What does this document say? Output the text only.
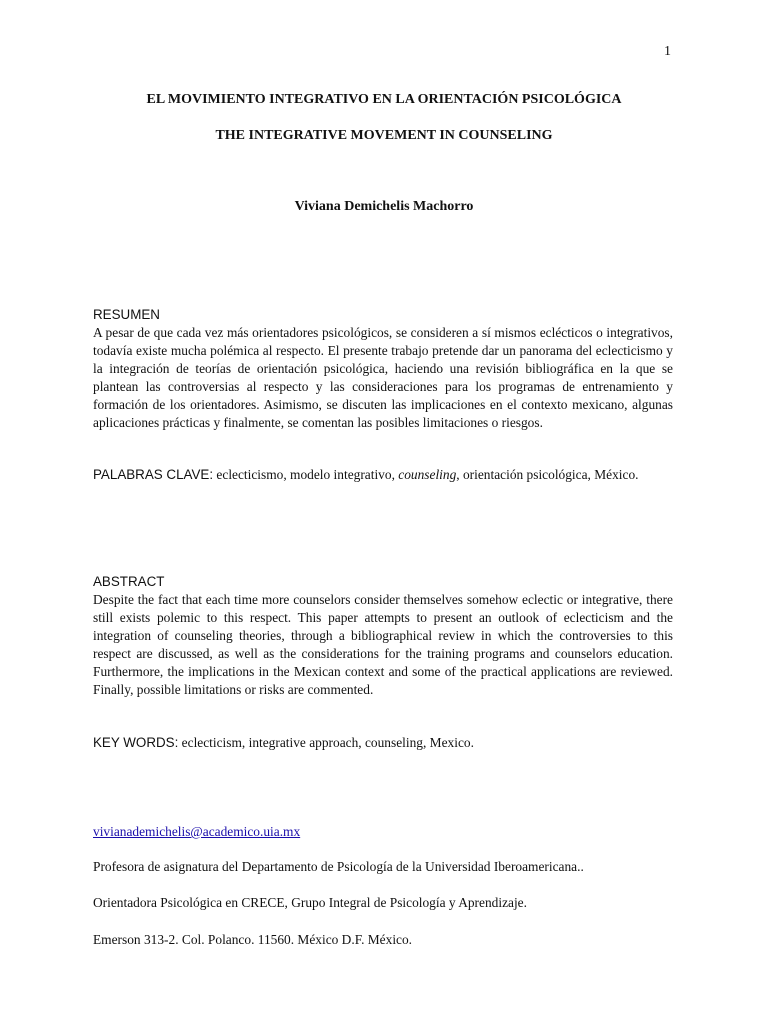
1
EL MOVIMIENTO INTEGRATIVO EN LA ORIENTACIÓN PSICOLÓGICA
THE INTEGRATIVE MOVEMENT IN COUNSELING
Viviana Demichelis Machorro
RESUMEN

A pesar de que cada vez más orientadores psicológicos, se consideren a sí mismos eclécticos o integrativos, todavía existe mucha polémica al respecto. El presente trabajo pretende dar un panorama del eclecticismo y la integración de teorías de orientación psicológica, haciendo una revisión bibliográfica en la que se plantean las controversias al respecto y las consideraciones para los programas de entrenamiento y formación de los orientadores. Asimismo, se discuten las implicaciones en el contexto mexicano, algunas aplicaciones prácticas y finalmente, se comentan las posibles limitaciones o riesgos.

PALABRAS CLAVE: eclecticismo, modelo integrativo, counseling, orientación psicológica, México.

ABSTRACT

Despite the fact that each time more counselors consider themselves somehow eclectic or integrative, there still exists polemic to this respect. This paper attempts to present an outlook of eclecticism and the integration of counseling theories, through a bibliographical review in which the controversies to this respect are discussed, as well as the considerations for the training programs and counselors education. Furthermore, the implications in the Mexican context and some of the practical applications are reviewed. Finally, possible limitations or risks are commented.

KEY WORDS: eclecticism, integrative approach, counseling, Mexico.

vivianademichelis@academico.uia.mx

Profesora de asignatura del Departamento de Psicología de la Universidad Iberoamericana..

Orientadora Psicológica en CRECE, Grupo Integral de Psicología y Aprendizaje.

Emerson 313-2. Col. Polanco. 11560. México D.F. México.
